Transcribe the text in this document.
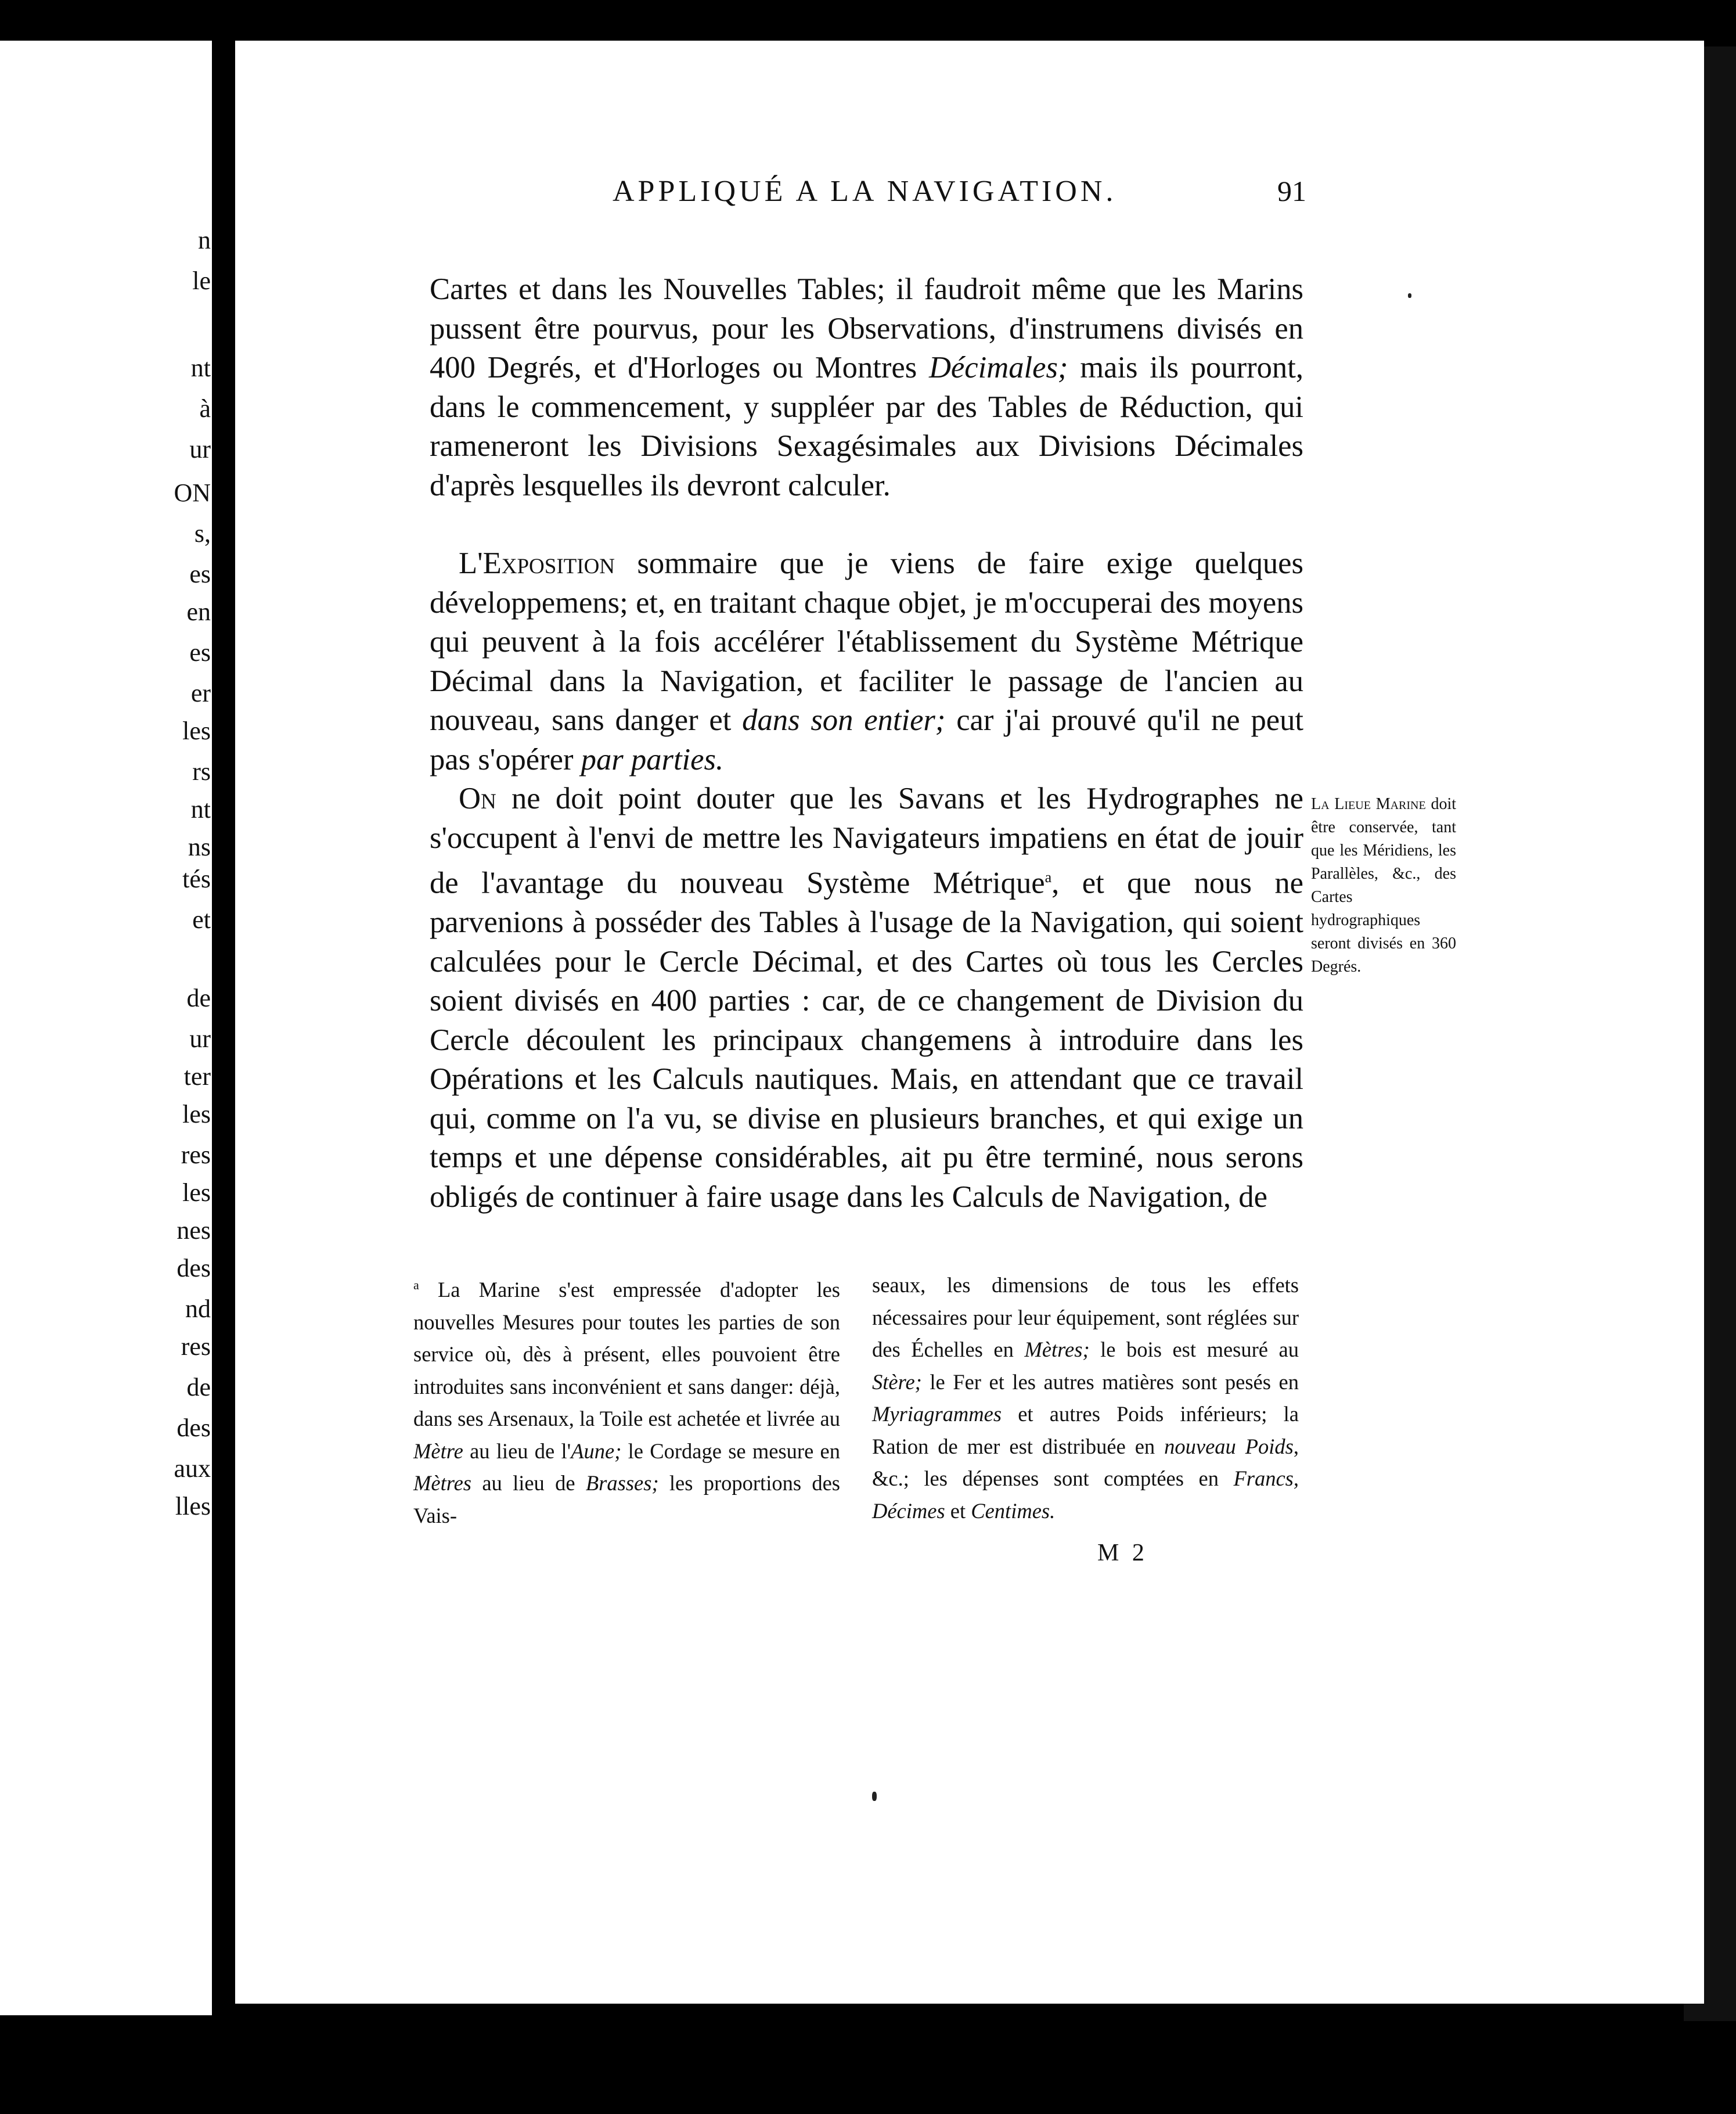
n
le
nt
à
ur
ON
s,
es
en
es
er
les
rs
nt
ns
tés
et
de
ur
ter
les
res
les
nes
des
nd
res
de
des
aux
lles
APPLIQUÉ A LA NAVIGATION.	91

Cartes et dans les Nouvelles Tables; il faudroit même que les Marins pussent être pourvus, pour les Observations, d'instrumens divisés en 400 Degrés, et d'Horloges ou Montres Décimales; mais ils pourront, dans le commencement, y suppléer par des Tables de Réduction, qui rameneront les Divisions Sexagésimales aux Divisions Décimales d'après lesquelles ils devront calculer.

L'Exposition sommaire que je viens de faire exige quelques développemens; et, en traitant chaque objet, je m'occuperai des moyens qui peuvent à la fois accélérer l'établissement du Système Métrique Décimal dans la Navigation, et faciliter le passage de l'ancien au nouveau, sans danger et dans son entier; car j'ai prouvé qu'il ne peut pas s'opérer par parties.

On ne doit point douter que les Savans et les Hydrographes ne s'occupent à l'envi de mettre les Navigateurs impatiens en état de jouir de l'avantage du nouveau Système Métrique$^a$, et que nous ne parvenions à posséder des Tables à l'usage de la Navigation, qui soient calculées pour le Cercle Décimal, et des Cartes où tous les Cercles soient divisés en 400 parties : car, de ce changement de Division du Cercle découlent les principaux changemens à introduire dans les Opérations et les Calculs nautiques. Mais, en attendant que ce travail qui, comme on l'a vu, se divise en plusieurs branches, et qui exige un temps et une dépense considérables, ait pu être terminé, nous serons obligés de continuer à faire usage dans les Calculs de Navigation, de

La Lieue Marine doit être conservée, tant que les Méridiens, les Parallèles, &c., des Cartes hydrographiques seront divisés en 360 Degrés.
$^a$ La Marine s'est empressée d'adopter les nouvelles Mesures pour toutes les parties de son service où, dès à présent, elles pouvoient être introduites sans inconvénient et sans danger: déjà, dans ses Arsenaux, la Toile est achetée et livrée au Mètre au lieu de l'Aune; le Cordage se mesure en Mètres au lieu de Brasses; les proportions des Vais-
seaux, les dimensions de tous les effets nécessaires pour leur équipement, sont réglées sur des Échelles en Mètres; le bois est mesuré au Stère; le Fer et les autres matières sont pesés en Myriagrammes et autres Poids inférieurs; la Ration de mer est distribuée en nouveau Poids, &c.; les dépenses sont comptées en Francs, Décimes et Centimes.
M 2
